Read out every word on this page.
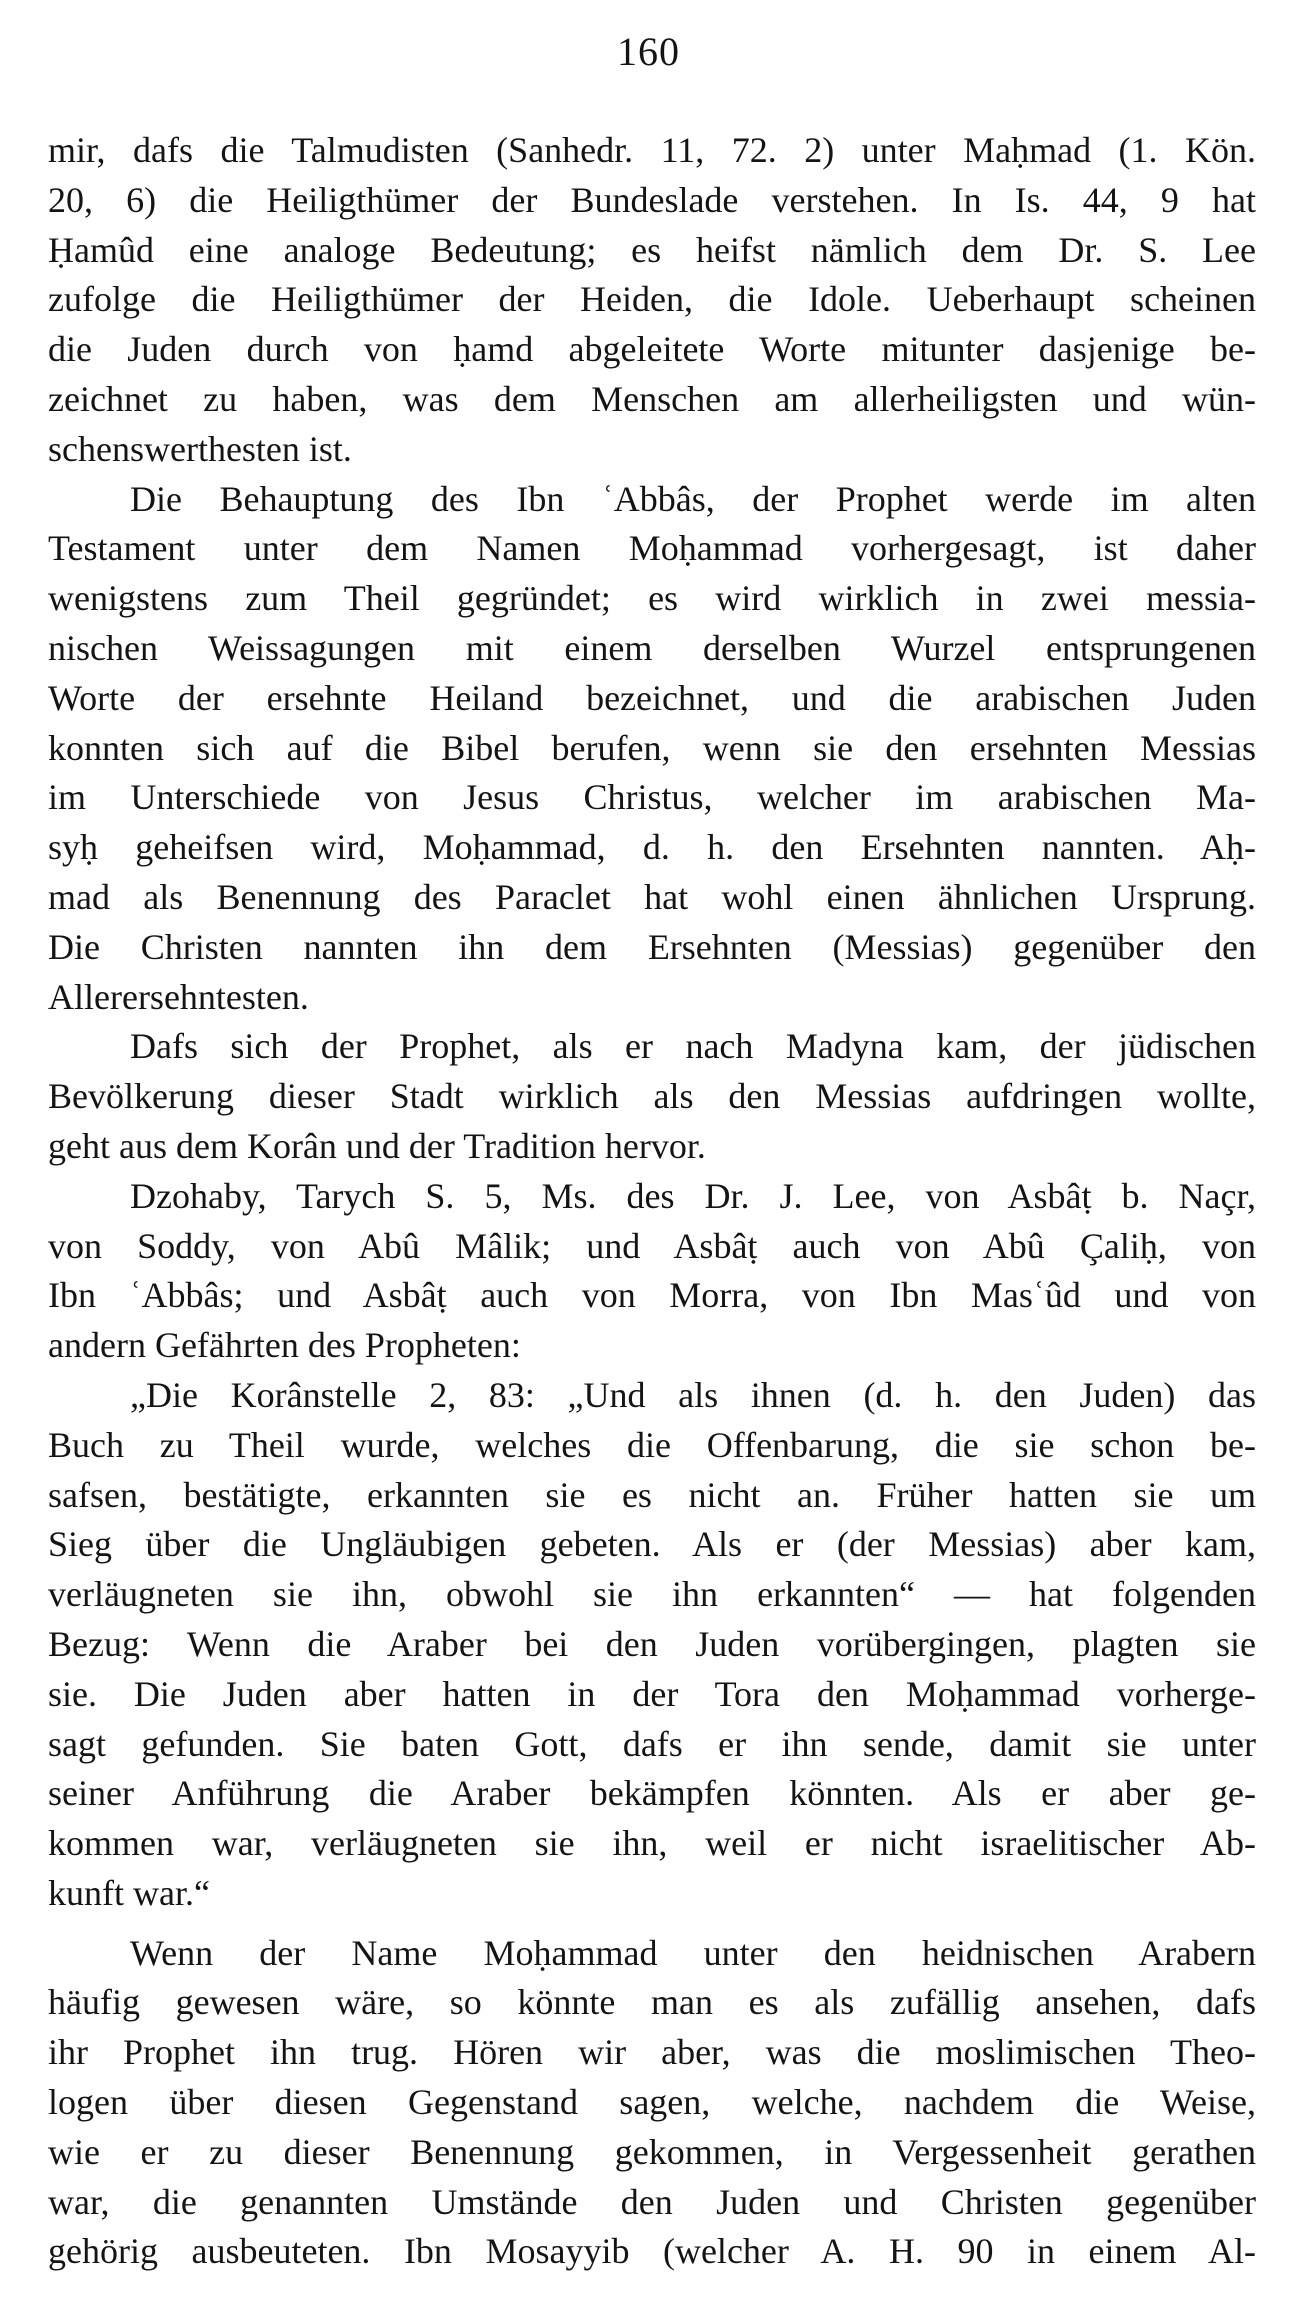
160
mir, dafs die Talmudisten (Sanhedr. 11, 72. 2) unter Maḥmad (1. Kön.
20, 6) die Heiligthümer der Bundeslade verstehen. In Is. 44, 9 hat
Ḥamûd eine analoge Bedeutung; es heifst nämlich dem Dr. S. Lee
zufolge die Heiligthümer der Heiden, die Idole. Ueberhaupt scheinen
die Juden durch von ḥamd abgeleitete Worte mitunter dasjenige be-
zeichnet zu haben, was dem Menschen am allerheiligsten und wün-
schenswerthesten ist.
Die Behauptung des Ibn ʿAbbâs, der Prophet werde im alten
Testament unter dem Namen Moḥammad vorhergesagt, ist daher
wenigstens zum Theil gegründet; es wird wirklich in zwei messia-
nischen Weissagungen mit einem derselben Wurzel entsprungenen
Worte der ersehnte Heiland bezeichnet, und die arabischen Juden
konnten sich auf die Bibel berufen, wenn sie den ersehnten Messias
im Unterschiede von Jesus Christus, welcher im arabischen Ma-
syḥ geheifsen wird, Moḥammad, d. h. den Ersehnten nannten. Aḥ-
mad als Benennung des Paraclet hat wohl einen ähnlichen Ursprung.
Die Christen nannten ihn dem Ersehnten (Messias) gegenüber den
Allerersehntesten.
Dafs sich der Prophet, als er nach Madyna kam, der jüdischen
Bevölkerung dieser Stadt wirklich als den Messias aufdringen wollte,
geht aus dem Korân und der Tradition hervor.
Dzohaby, Tarych S. 5, Ms. des Dr. J. Lee, von Asbâṭ b. Naçr,
von Soddy, von Abû Mâlik; und Asbâṭ auch von Abû Çaliḥ, von
Ibn ʿAbbâs; und Asbâṭ auch von Morra, von Ibn Masʿûd und von
andern Gefährten des Propheten:
„Die Korânstelle 2, 83: „Und als ihnen (d. h. den Juden) das
Buch zu Theil wurde, welches die Offenbarung, die sie schon be-
safsen, bestätigte, erkannten sie es nicht an. Früher hatten sie um
Sieg über die Ungläubigen gebeten. Als er (der Messias) aber kam,
verläugneten sie ihn, obwohl sie ihn erkannten“ — hat folgenden
Bezug: Wenn die Araber bei den Juden vorübergingen, plagten sie
sie. Die Juden aber hatten in der Tora den Moḥammad vorherge-
sagt gefunden. Sie baten Gott, dafs er ihn sende, damit sie unter
seiner Anführung die Araber bekämpfen könnten. Als er aber ge-
kommen war, verläugneten sie ihn, weil er nicht israelitischer Ab-
kunft war.“
Wenn der Name Moḥammad unter den heidnischen Arabern
häufig gewesen wäre, so könnte man es als zufällig ansehen, dafs
ihr Prophet ihn trug. Hören wir aber, was die moslimischen Theo-
logen über diesen Gegenstand sagen, welche, nachdem die Weise,
wie er zu dieser Benennung gekommen, in Vergessenheit gerathen
war, die genannten Umstände den Juden und Christen gegenüber
gehörig ausbeuteten. Ibn Mosayyib (welcher A. H. 90 in einem Al-
